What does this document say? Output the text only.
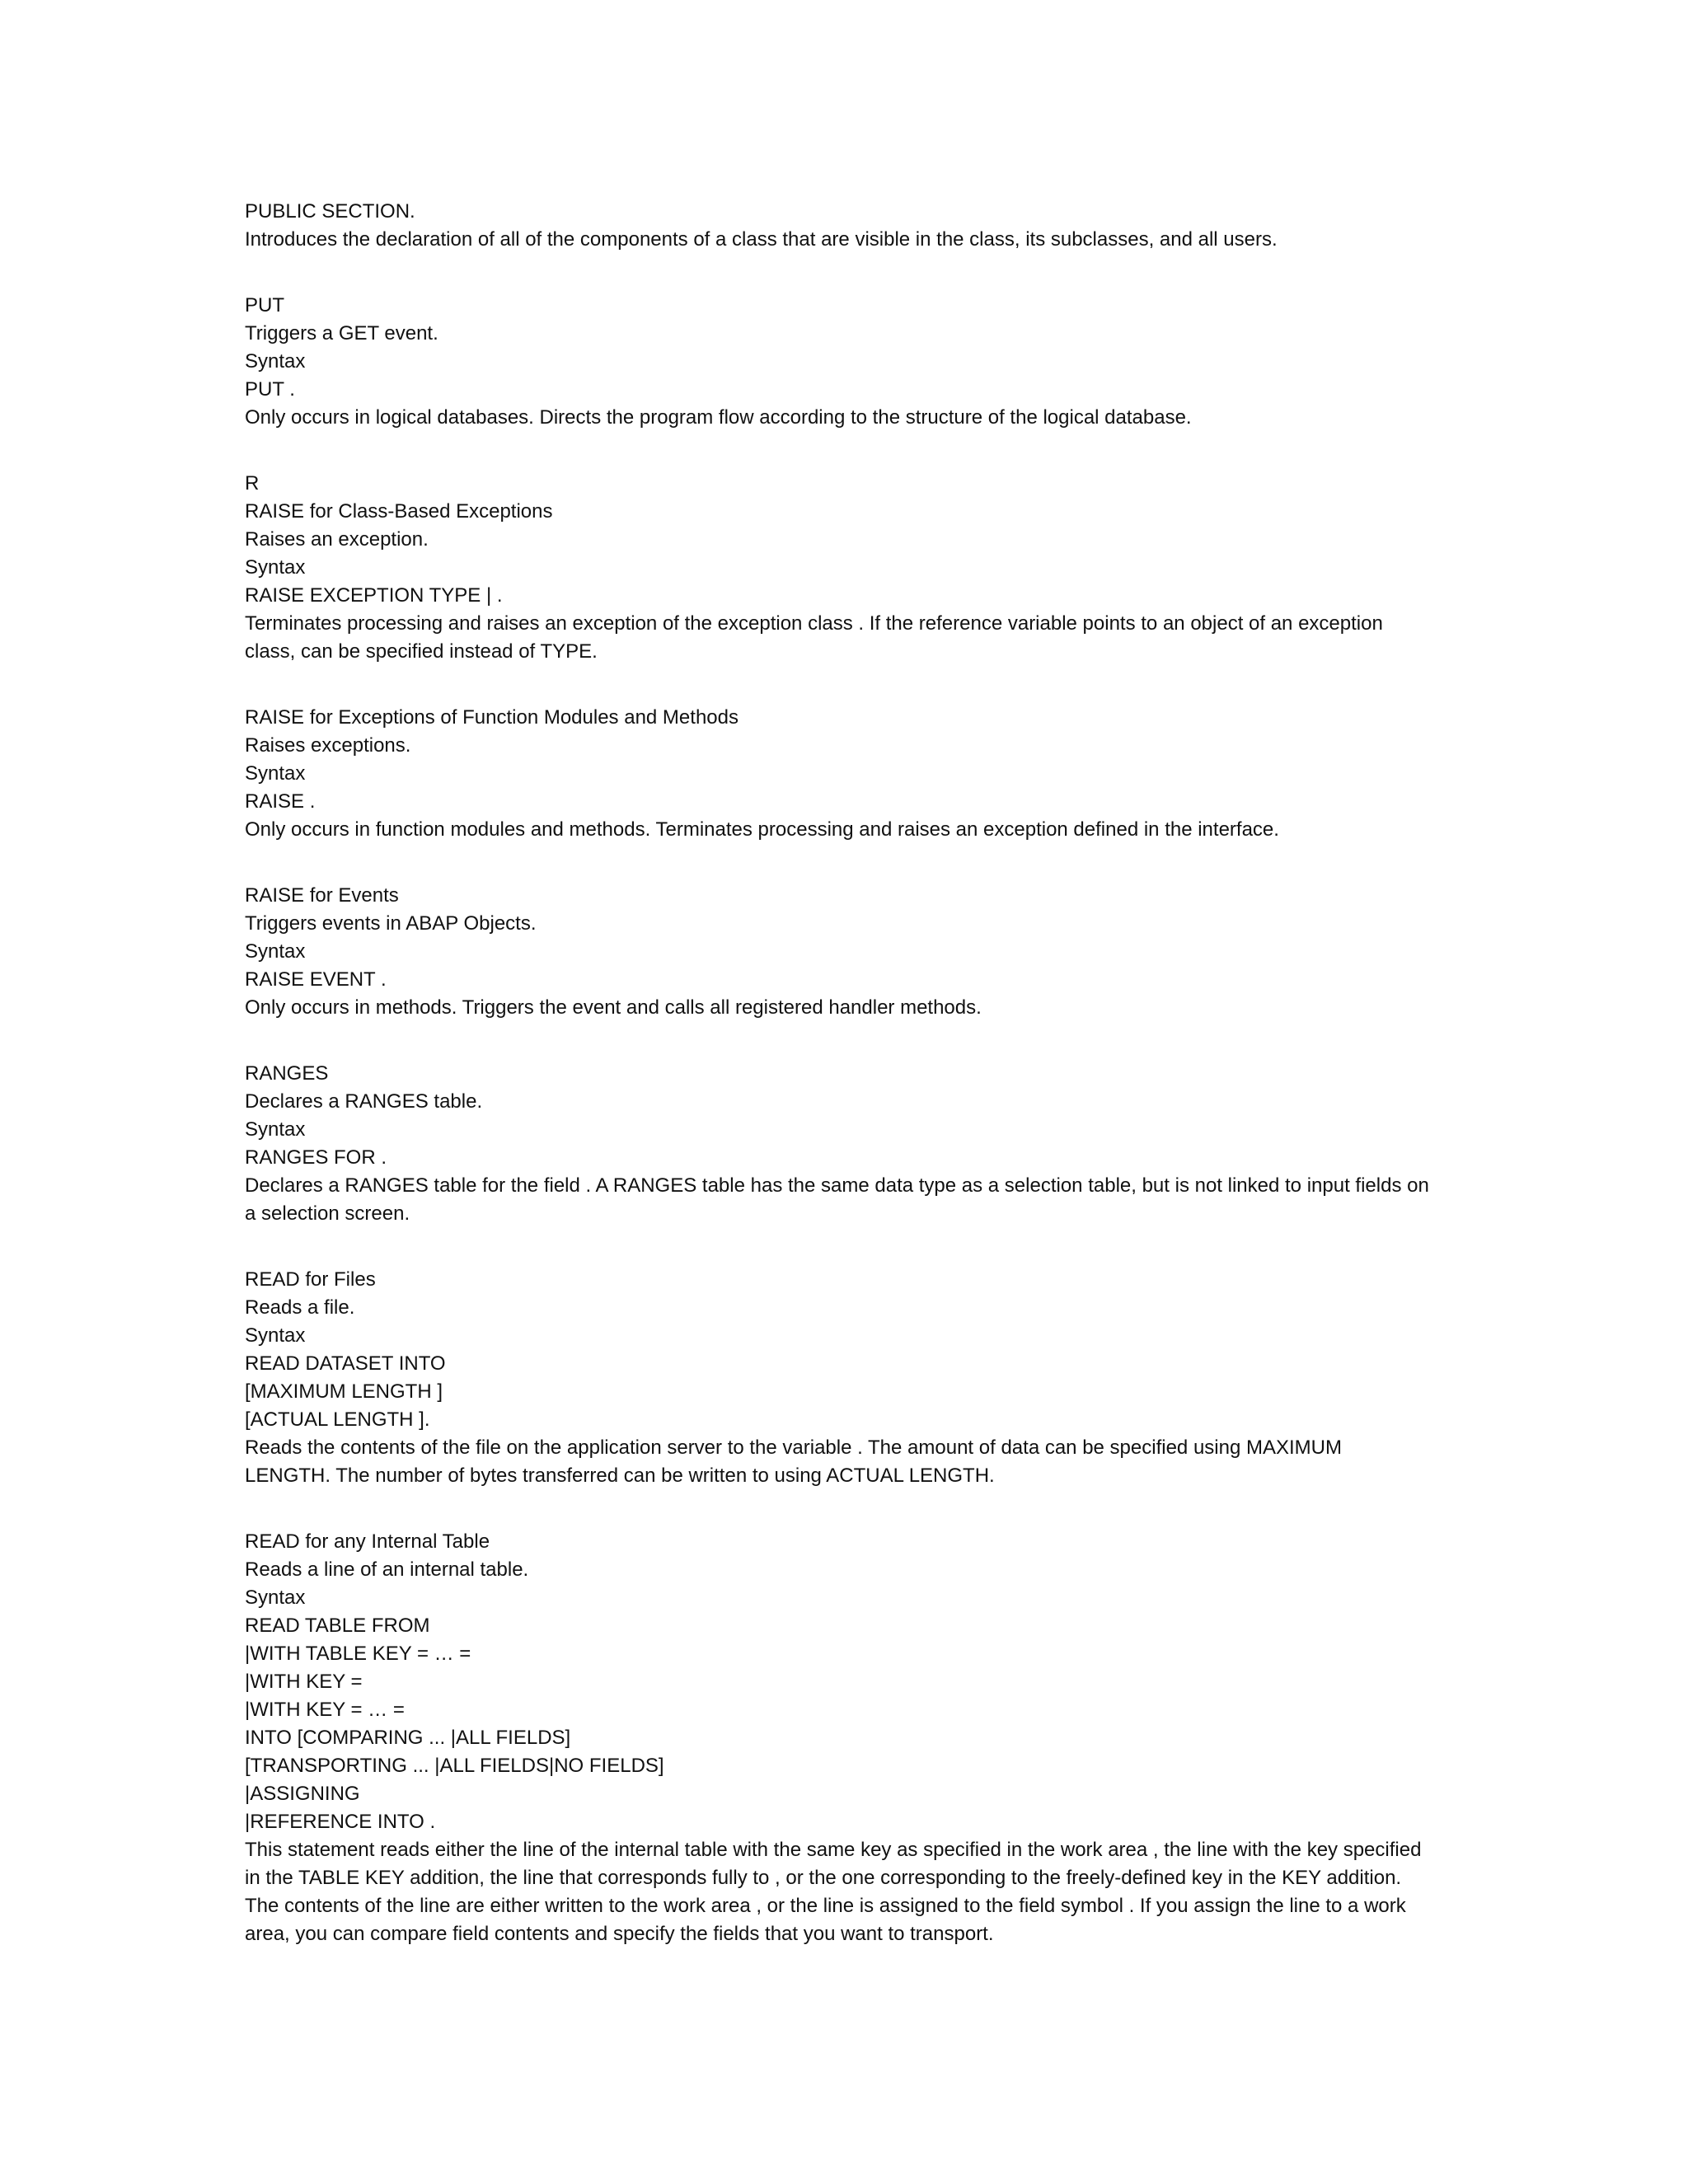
PUBLIC SECTION.
Introduces the declaration of all of the components of a class that are visible in the class, its subclasses, and all users.
PUT
Triggers a GET event.
Syntax
PUT .
Only occurs in logical databases. Directs the program flow according to the structure of the logical database.
R
RAISE for Class-Based Exceptions
Raises an exception.
Syntax
RAISE EXCEPTION TYPE | .
Terminates processing and raises an exception of the exception class . If the reference variable points to an object of an exception class, can be specified instead of TYPE.
RAISE for Exceptions of Function Modules and Methods
Raises exceptions.
Syntax
RAISE .
Only occurs in function modules and methods. Terminates processing and raises an exception defined in the interface.
RAISE for Events
Triggers events in ABAP Objects.
Syntax
RAISE EVENT .
Only occurs in methods. Triggers the event and calls all registered handler methods.
RANGES
Declares a RANGES table.
Syntax
RANGES FOR .
Declares a RANGES table for the field . A RANGES table has the same data type as a selection table, but is not linked to input fields on a selection screen.
READ for Files
Reads a file.
Syntax
READ DATASET INTO
[MAXIMUM LENGTH ]
[ACTUAL LENGTH ].
Reads the contents of the file on the application server to the variable . The amount of data can be specified using MAXIMUM LENGTH. The number of bytes transferred can be written to using ACTUAL LENGTH.
READ for any Internal Table
Reads a line of an internal table.
Syntax
READ TABLE FROM
|WITH TABLE KEY = … =
|WITH KEY =
|WITH KEY = … =
INTO [COMPARING ... |ALL FIELDS]
[TRANSPORTING ... |ALL FIELDS|NO FIELDS]
|ASSIGNING
|REFERENCE INTO .
This statement reads either the line of the internal table with the same key as specified in the work area , the line with the key specified in the TABLE KEY addition, the line that corresponds fully to , or the one corresponding to the freely-defined key in the KEY addition. The contents of the line are either written to the work area , or the line is assigned to the field symbol . If you assign the line to a work area, you can compare field contents and specify the fields that you want to transport.
